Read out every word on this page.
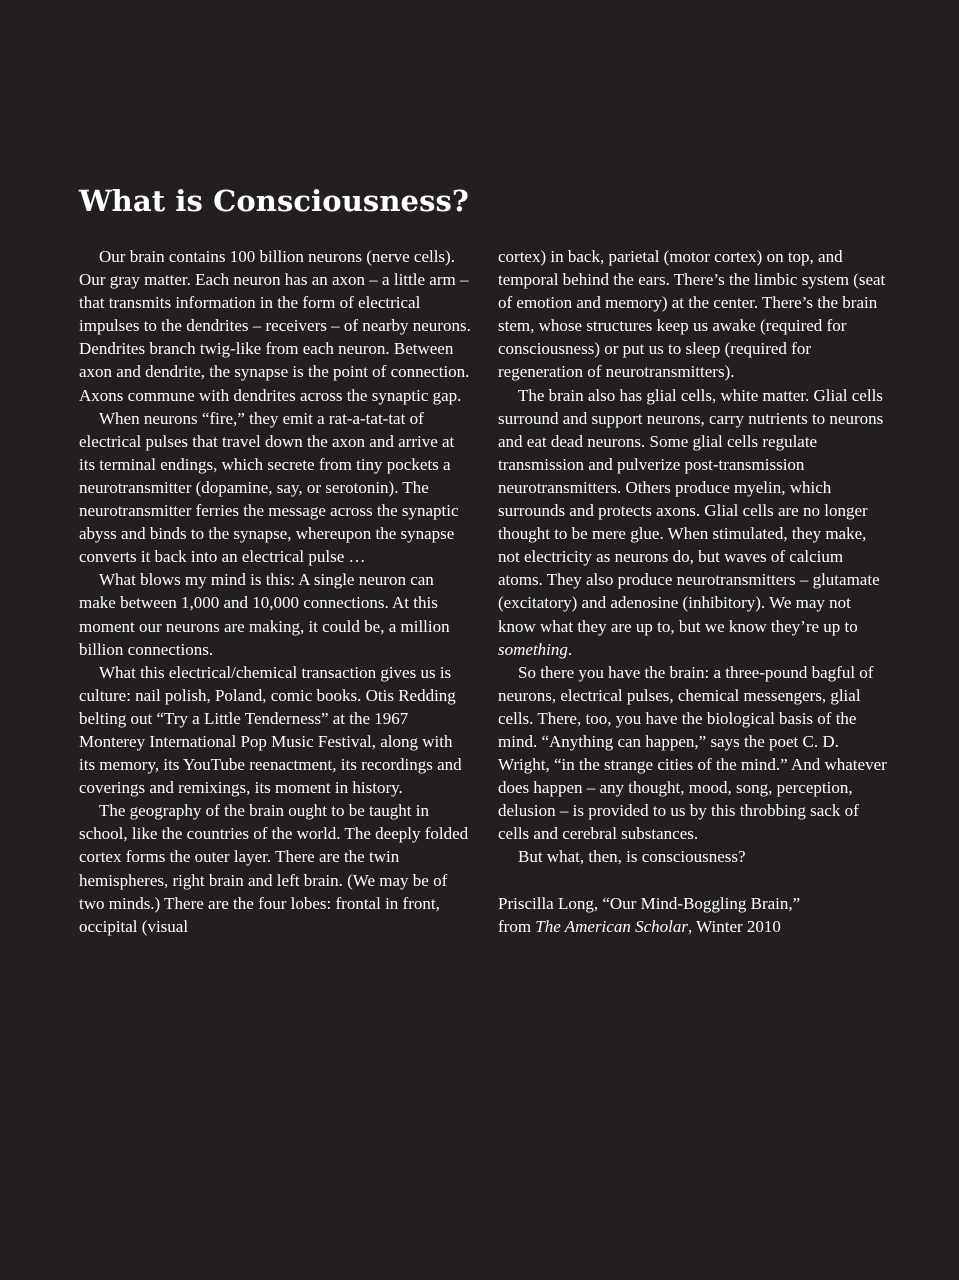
What is Consciousness?

Our brain contains 100 billion neurons (nerve cells). Our gray matter. Each neuron has an axon – a little arm – that transmits information in the form of electrical impulses to the dendrites – receivers – of nearby neurons. Dendrites branch twig-like from each neuron. Between axon and dendrite, the synapse is the point of connection. Axons commune with dendrites across the synaptic gap.

When neurons “fire,” they emit a rat-a-tat-tat of electrical pulses that travel down the axon and arrive at its terminal endings, which secrete from tiny pockets a neurotransmitter (dopamine, say, or serotonin). The neurotransmitter ferries the message across the synaptic abyss and binds to the synapse, whereupon the synapse converts it back into an electrical pulse …

What blows my mind is this: A single neuron can make between 1,000 and 10,000 connections. At this moment our neurons are making, it could be, a million billion connections.

What this electrical/chemical transaction gives us is culture: nail polish, Poland, comic books. Otis Redding belting out “Try a Little Tenderness” at the 1967 Monterey International Pop Music Festival, along with its memory, its YouTube reenactment, its recordings and coverings and remixings, its moment in history.

The geography of the brain ought to be taught in school, like the countries of the world. The deeply folded cortex forms the outer layer. There are the twin hemispheres, right brain and left brain. (We may be of two minds.) There are the four lobes: frontal in front, occipital (visual

cortex) in back, parietal (motor cortex) on top, and temporal behind the ears. There’s the limbic system (seat of emotion and memory) at the center. There’s the brain stem, whose structures keep us awake (required for consciousness) or put us to sleep (required for regeneration of neurotransmitters).

The brain also has glial cells, white matter. Glial cells surround and support neurons, carry nutrients to neurons and eat dead neurons. Some glial cells regulate transmission and pulverize post-transmission neurotransmitters. Others produce myelin, which surrounds and protects axons. Glial cells are no longer thought to be mere glue. When stimulated, they make, not electricity as neurons do, but waves of calcium atoms. They also produce neurotransmitters – glutamate (excitatory) and adenosine (inhibitory). We may not know what they are up to, but we know they’re up to something.

So there you have the brain: a three-pound bagful of neurons, electrical pulses, chemical messengers, glial cells. There, too, you have the biological basis of the mind. “Anything can happen,” says the poet C. D. Wright, “in the strange cities of the mind.” And whatever does happen – any thought, mood, song, perception, delusion – is provided to us by this throbbing sack of cells and cerebral substances.

But what, then, is consciousness?

Priscilla Long, “Our Mind-Boggling Brain,”
from The American Scholar, Winter 2010
